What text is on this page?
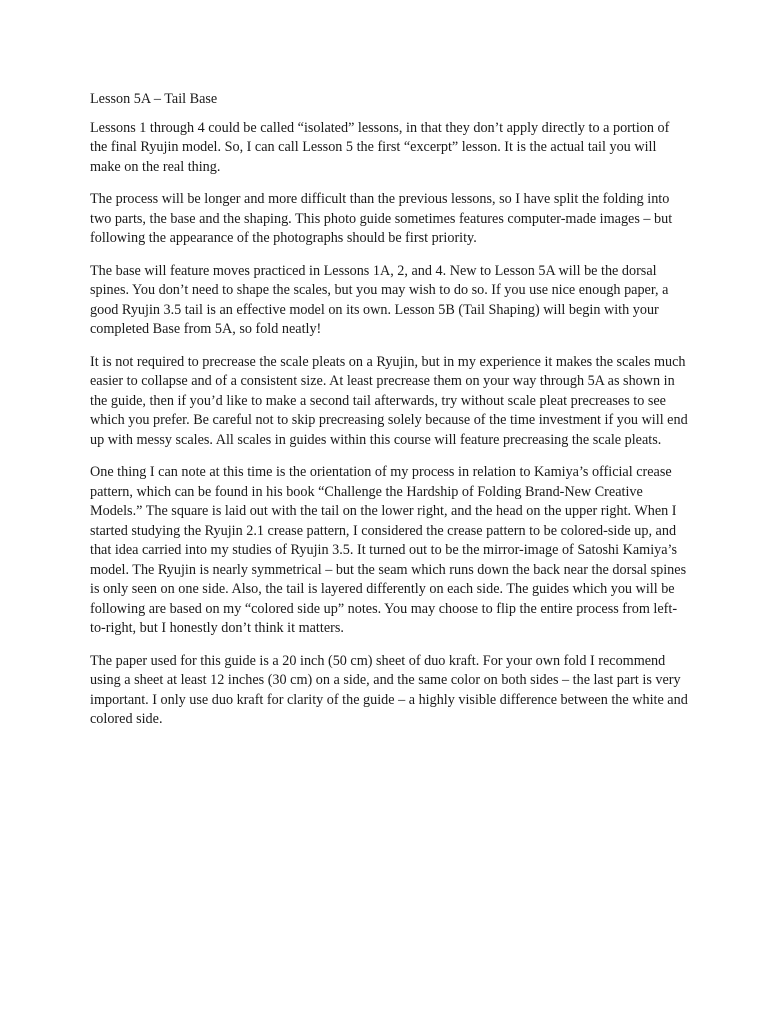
Lesson 5A – Tail Base

Lessons 1 through 4 could be called “isolated” lessons, in that they don’t apply directly to a portion of the final Ryujin model. So, I can call Lesson 5 the first “excerpt” lesson. It is the actual tail you will make on the real thing.

The process will be longer and more difficult than the previous lessons, so I have split the folding into two parts, the base and the shaping. This photo guide sometimes features computer-made images – but following the appearance of the photographs should be first priority.

The base will feature moves practiced in Lessons 1A, 2, and 4. New to Lesson 5A will be the dorsal spines. You don’t need to shape the scales, but you may wish to do so. If you use nice enough paper, a good Ryujin 3.5 tail is an effective model on its own. Lesson 5B (Tail Shaping) will begin with your completed Base from 5A, so fold neatly!

It is not required to precrease the scale pleats on a Ryujin, but in my experience it makes the scales much easier to collapse and of a consistent size. At least precrease them on your way through 5A as shown in the guide, then if you’d like to make a second tail afterwards, try without scale pleat precreases to see which you prefer. Be careful not to skip precreasing solely because of the time investment if you will end up with messy scales. All scales in guides within this course will feature precreasing the scale pleats.

One thing I can note at this time is the orientation of my process in relation to Kamiya’s official crease pattern, which can be found in his book “Challenge the Hardship of Folding Brand-New Creative Models.” The square is laid out with the tail on the lower right, and the head on the upper right. When I started studying the Ryujin 2.1 crease pattern, I considered the crease pattern to be colored-side up, and that idea carried into my studies of Ryujin 3.5. It turned out to be the mirror-image of Satoshi Kamiya’s model. The Ryujin is nearly symmetrical – but the seam which runs down the back near the dorsal spines is only seen on one side. Also, the tail is layered differently on each side. The guides which you will be following are based on my “colored side up” notes. You may choose to flip the entire process from left-to-right, but I honestly don’t think it matters.

The paper used for this guide is a 20 inch (50 cm) sheet of duo kraft. For your own fold I recommend using a sheet at least 12 inches (30 cm) on a side, and the same color on both sides – the last part is very important. I only use duo kraft for clarity of the guide – a highly visible difference between the white and colored side.
